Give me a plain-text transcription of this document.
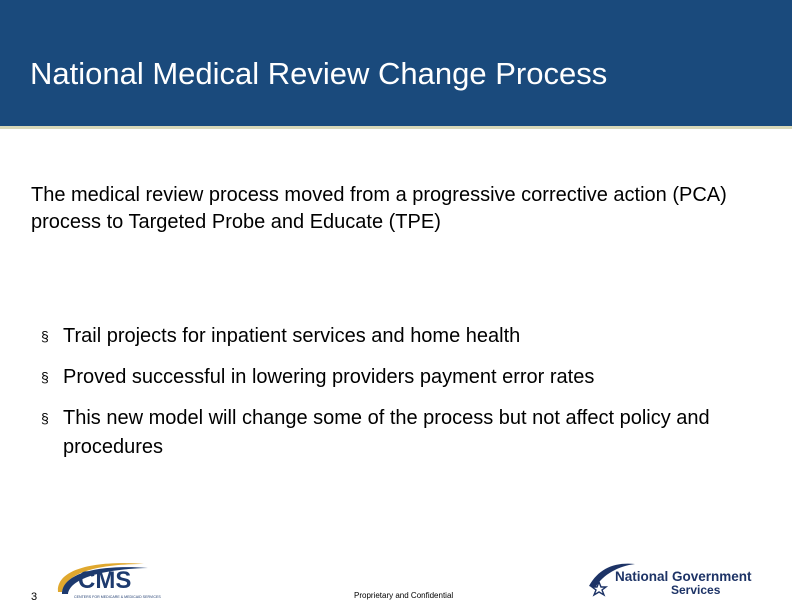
National Medical Review Change Process
The medical review process moved from a progressive corrective action (PCA) process to Targeted Probe and Educate (TPE)
§ Trail projects for inpatient services and home health
§ Proved successful in lowering providers payment error rates
§ This new model will change some of the process but not affect policy and procedures
CMS
CENTERS FOR MEDICARE & MEDICAID SERVICES
3	Proprietary and Confidential
National Government
Services
